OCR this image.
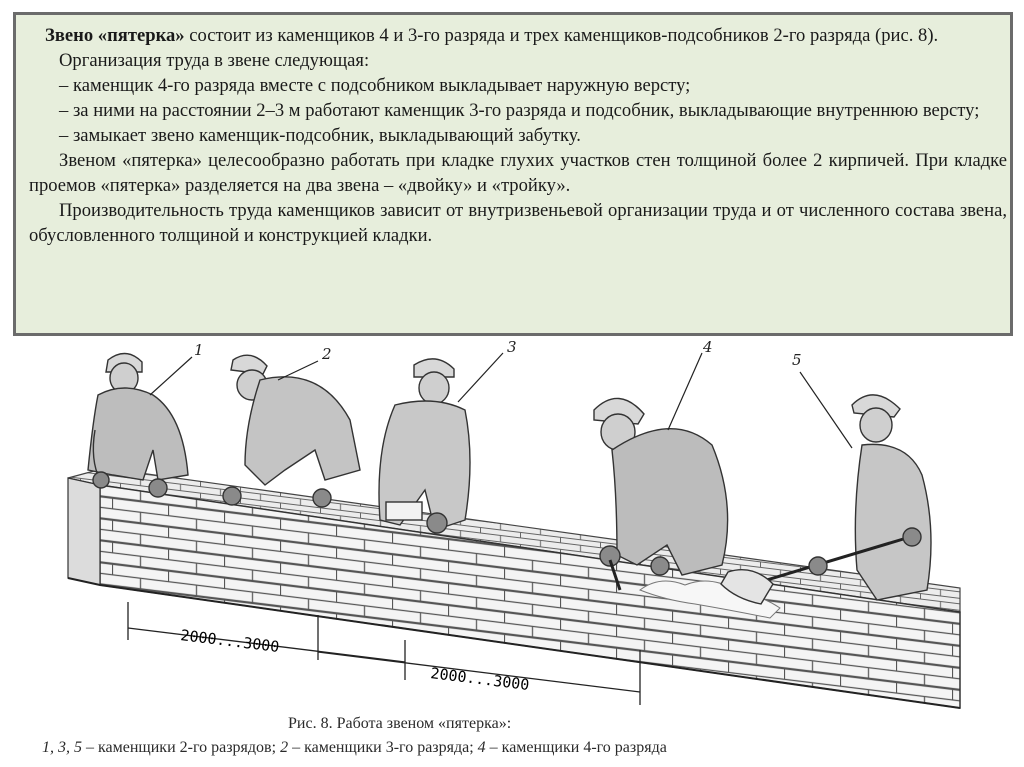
Звено «пятерка» состоит из каменщиков 4 и 3-го разряда и трех каменщиков-подсобников 2-го разряда (рис. 8).

Организация труда в звене следующая:

– каменщик 4-го разряда вместе с подсобником выкладывает наружную версту;

– за ними на расстоянии 2–3 м работают каменщик 3-го разряда и подсобник, выкладывающие внутреннюю версту;

– замыкает звено каменщик-подсобник, выкладывающий забутку.

Звеном «пятерка» целесообразно работать при кладке глухих участков стен толщиной более 2 кирпичей. При кладке проемов «пятерка» разделяется на два звена – «двойку» и «тройку».

Производительность труда каменщиков зависит от внутризвеньевой организации труда и от численного состава звена, обусловленного толщиной и конструкцией кладки.

2000...3000
2000...3000
1	2	3	4
5
Рис. 8. Работа звеном «пятерка»:
1, 3, 5 – каменщики 2-го разрядов; 2 – каменщики 3-го разряда; 4 – каменщики 4-го разряда
